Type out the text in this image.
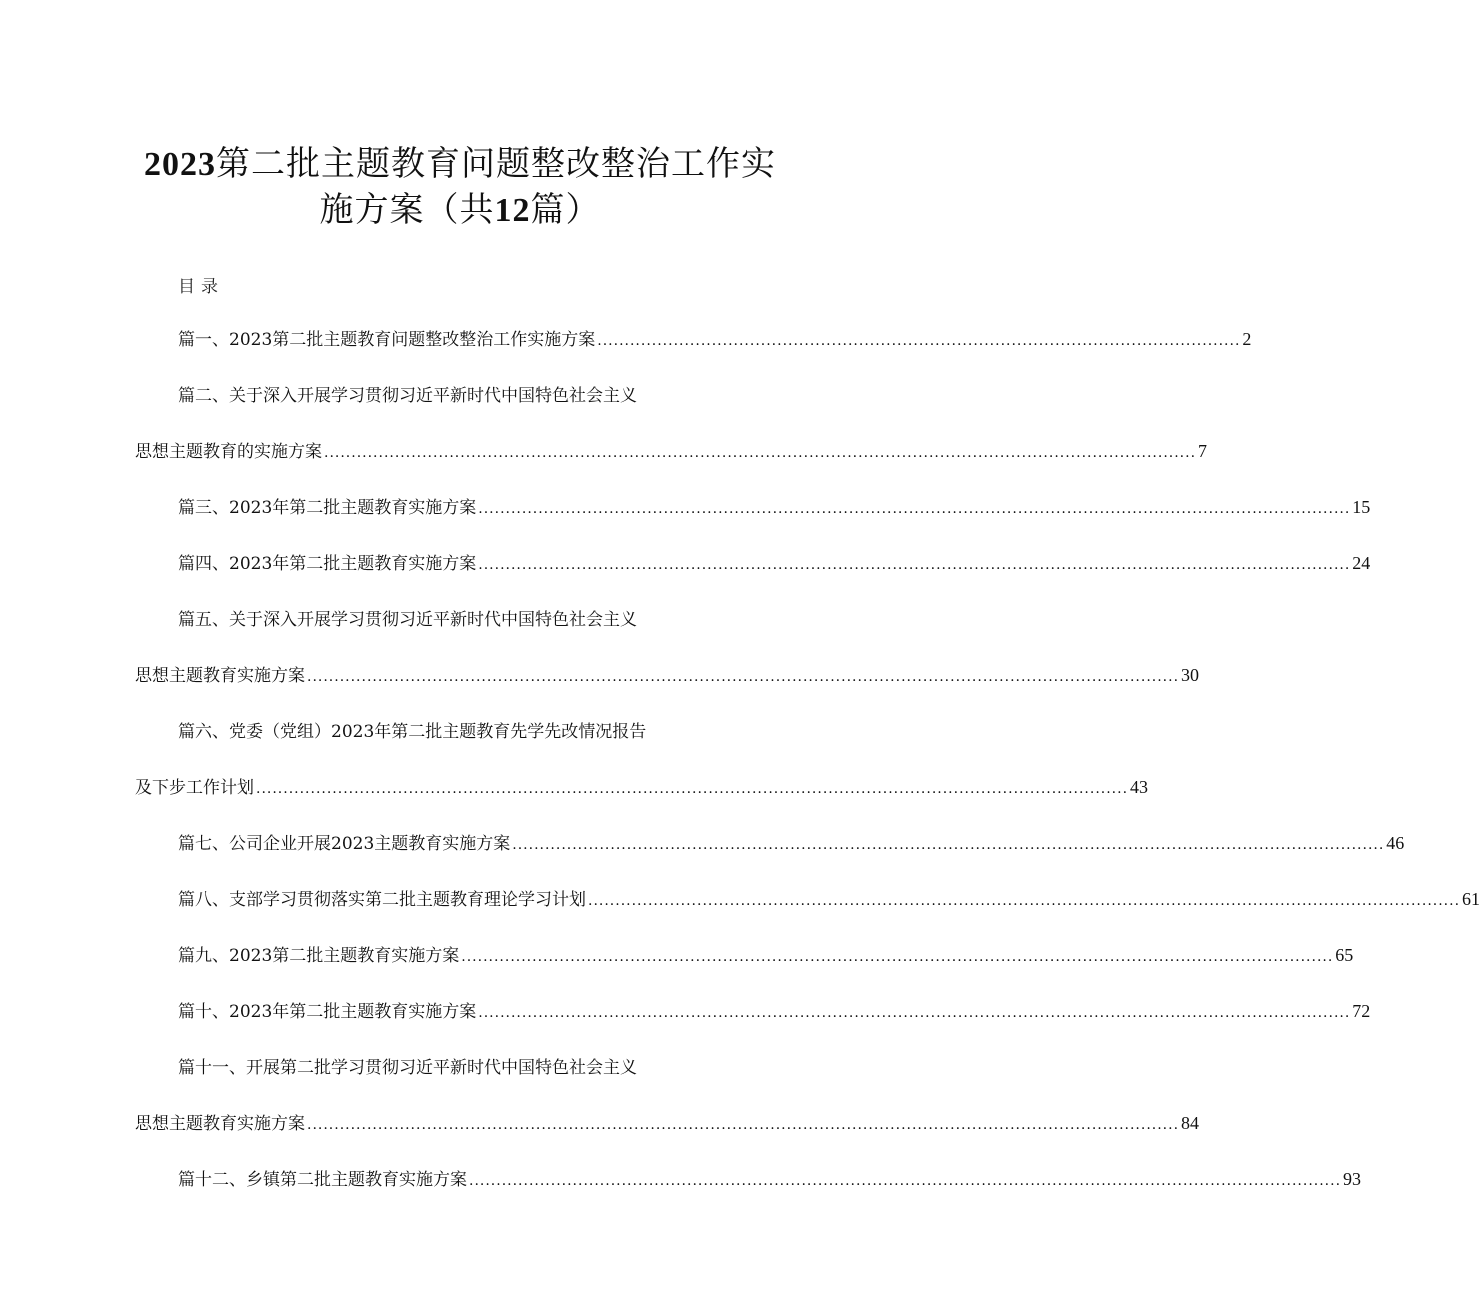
2023第二批主题教育问题整改整治工作实
施方案（共12篇）
目录
篇一、2023第二批主题教育问题整改整治工作实施方案 ...................................................................................................................... 2
篇二、关于深入开展学习贯彻习近平新时代中国特色社会主义
思想主题教育的实施方案 ................................................................................................................................................................ 7
篇三、2023年第二批主题教育实施方案 ................................................................................................................................................................ 15
篇四、2023年第二批主题教育实施方案 ................................................................................................................................................................ 24
篇五、关于深入开展学习贯彻习近平新时代中国特色社会主义
思想主题教育实施方案 ................................................................................................................................................................ 30
篇六、党委（党组）2023年第二批主题教育先学先改情况报告
及下步工作计划 ................................................................................................................................................................ 43
篇七、公司企业开展2023主题教育实施方案 ................................................................................................................................................................ 46
篇八、支部学习贯彻落实第二批主题教育理论学习计划 ................................................................................................................................................................ 61
篇九、2023第二批主题教育实施方案 ................................................................................................................................................................ 65
篇十、2023年第二批主题教育实施方案 ................................................................................................................................................................ 72
篇十一、开展第二批学习贯彻习近平新时代中国特色社会主义
思想主题教育实施方案 ................................................................................................................................................................ 84
篇十二、乡镇第二批主题教育实施方案 ................................................................................................................................................................ 93
